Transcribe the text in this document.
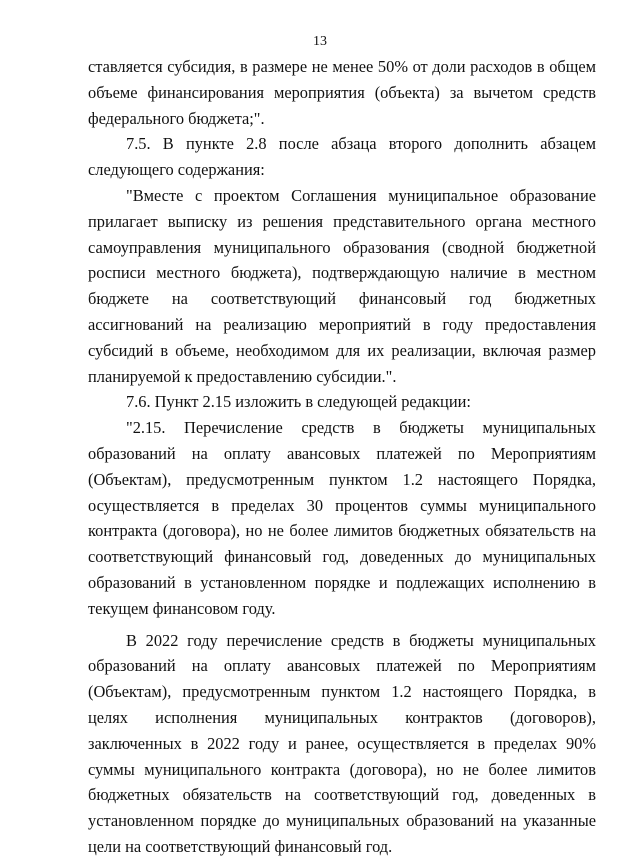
13

ставляется субсидия, в размере не менее 50% от доли расходов в общем объеме финансирования мероприятия (объекта) за вычетом средств федерального бюджета;".

7.5. В пункте 2.8 после абзаца второго дополнить абзацем следующего содержания:

"Вместе с проектом Соглашения муниципальное образование прилагает выписку из решения представительного органа местного самоуправления муниципального образования (сводной бюджетной росписи местного бюджета), подтверждающую наличие в местном бюджете на соответствующий финансовый год бюджетных ассигнований на реализацию мероприятий в году предоставления субсидий в объеме, необходимом для их реализации, включая размер планируемой к предоставлению субсидии.".

7.6. Пункт 2.15 изложить в следующей редакции:

"2.15. Перечисление средств в бюджеты муниципальных образований на оплату авансовых платежей по Мероприятиям (Объектам), предусмотренным пунктом 1.2 настоящего Порядка, осуществляется в пределах 30 процентов суммы муниципального контракта (договора), но не более лимитов бюджетных обязательств на соответствующий финансовый год, доведенных до муниципальных образований в установленном порядке и подлежащих исполнению в текущем финансовом году.

В 2022 году перечисление средств в бюджеты муниципальных образований на оплату авансовых платежей по Мероприятиям (Объектам), предусмотренным пунктом 1.2 настоящего Порядка, в целях исполнения муниципальных контрактов (договоров), заключенных в 2022 году и ранее, осуществляется в пределах 90% суммы муниципального контракта (договора), но не более лимитов бюджетных обязательств на соответствующий год, доведенных в установленном порядке до муниципальных образований на указанные цели на соответствующий финансовый год.
